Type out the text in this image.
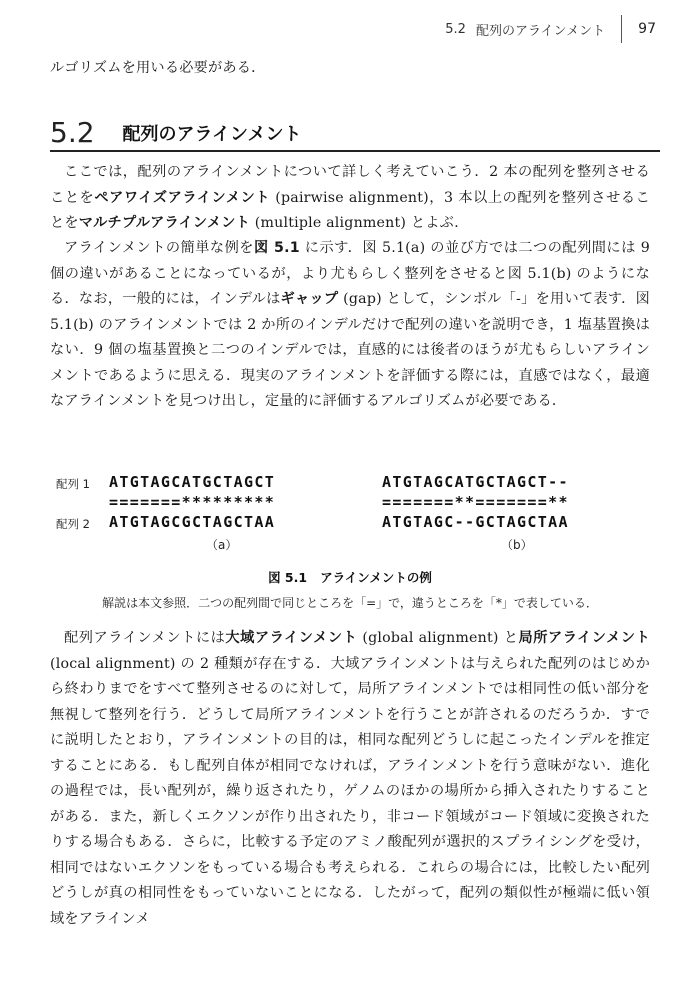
5.2 配列のアラインメント 97

ルゴリズムを用いる必要がある．

5.2 配列のアラインメント

ここでは，配列のアラインメントについて詳しく考えていこう．2 本の配列を整列させることをペアワイズアラインメント (pairwise alignment)，3 本以上の配列を整列させることをマルチプルアラインメント (multiple alignment) とよぶ．

アラインメントの簡単な例を図 5.1 に示す．図 5.1(a) の並び方では二つの配列間には 9 個の違いがあることになっているが，より尤もらしく整列をさせると図 5.1(b) のようになる．なお，一般的には，インデルはギャップ (gap) として，シンボル「-」を用いて表す．図 5.1(b) のアラインメントでは 2 か所のインデルだけで配列の違いを説明でき，1 塩基置換はない．9 個の塩基置換と二つのインデルでは，直感的には後者のほうが尤もらしいアラインメントであるように思える．現実のアラインメントを評価する際には，直感ではなく，最適なアラインメントを見つけ出し，定量的に評価するアルゴリズムが必要である．

配列 1
配列 2
ATGTAGCATGCTAGCT
=======*********
ATGTAGCGCTAGCTAA
（a）
ATGTAGCATGCTAGCT--
=======**=======**
ATGTAGC--GCTAGCTAA
（b）
図 5.1 アラインメントの例
解説は本文参照．二つの配列間で同じところを「=」で，違うところを「*」で表している．

配列アラインメントには大域アラインメント (global alignment) と局所アラインメント (local alignment) の 2 種類が存在する．大域アラインメントは与えられた配列のはじめから終わりまでをすべて整列させるのに対して，局所アラインメントでは相同性の低い部分を無視して整列を行う．どうして局所アラインメントを行うことが許されるのだろうか．すでに説明したとおり，アラインメントの目的は，相同な配列どうしに起こったインデルを推定することにある．もし配列自体が相同でなければ，アラインメントを行う意味がない．進化の過程では，長い配列が，繰り返されたり，ゲノムのほかの場所から挿入されたりすることがある．また，新しくエクソンが作り出されたり，非コード領域がコード領域に変換されたりする場合もある．さらに，比較する予定のアミノ酸配列が選択的スプライシングを受け，相同ではないエクソンをもっている場合も考えられる．これらの場合には，比較したい配列どうしが真の相同性をもっていないことになる．したがって，配列の類似性が極端に低い領域をアラインメ
